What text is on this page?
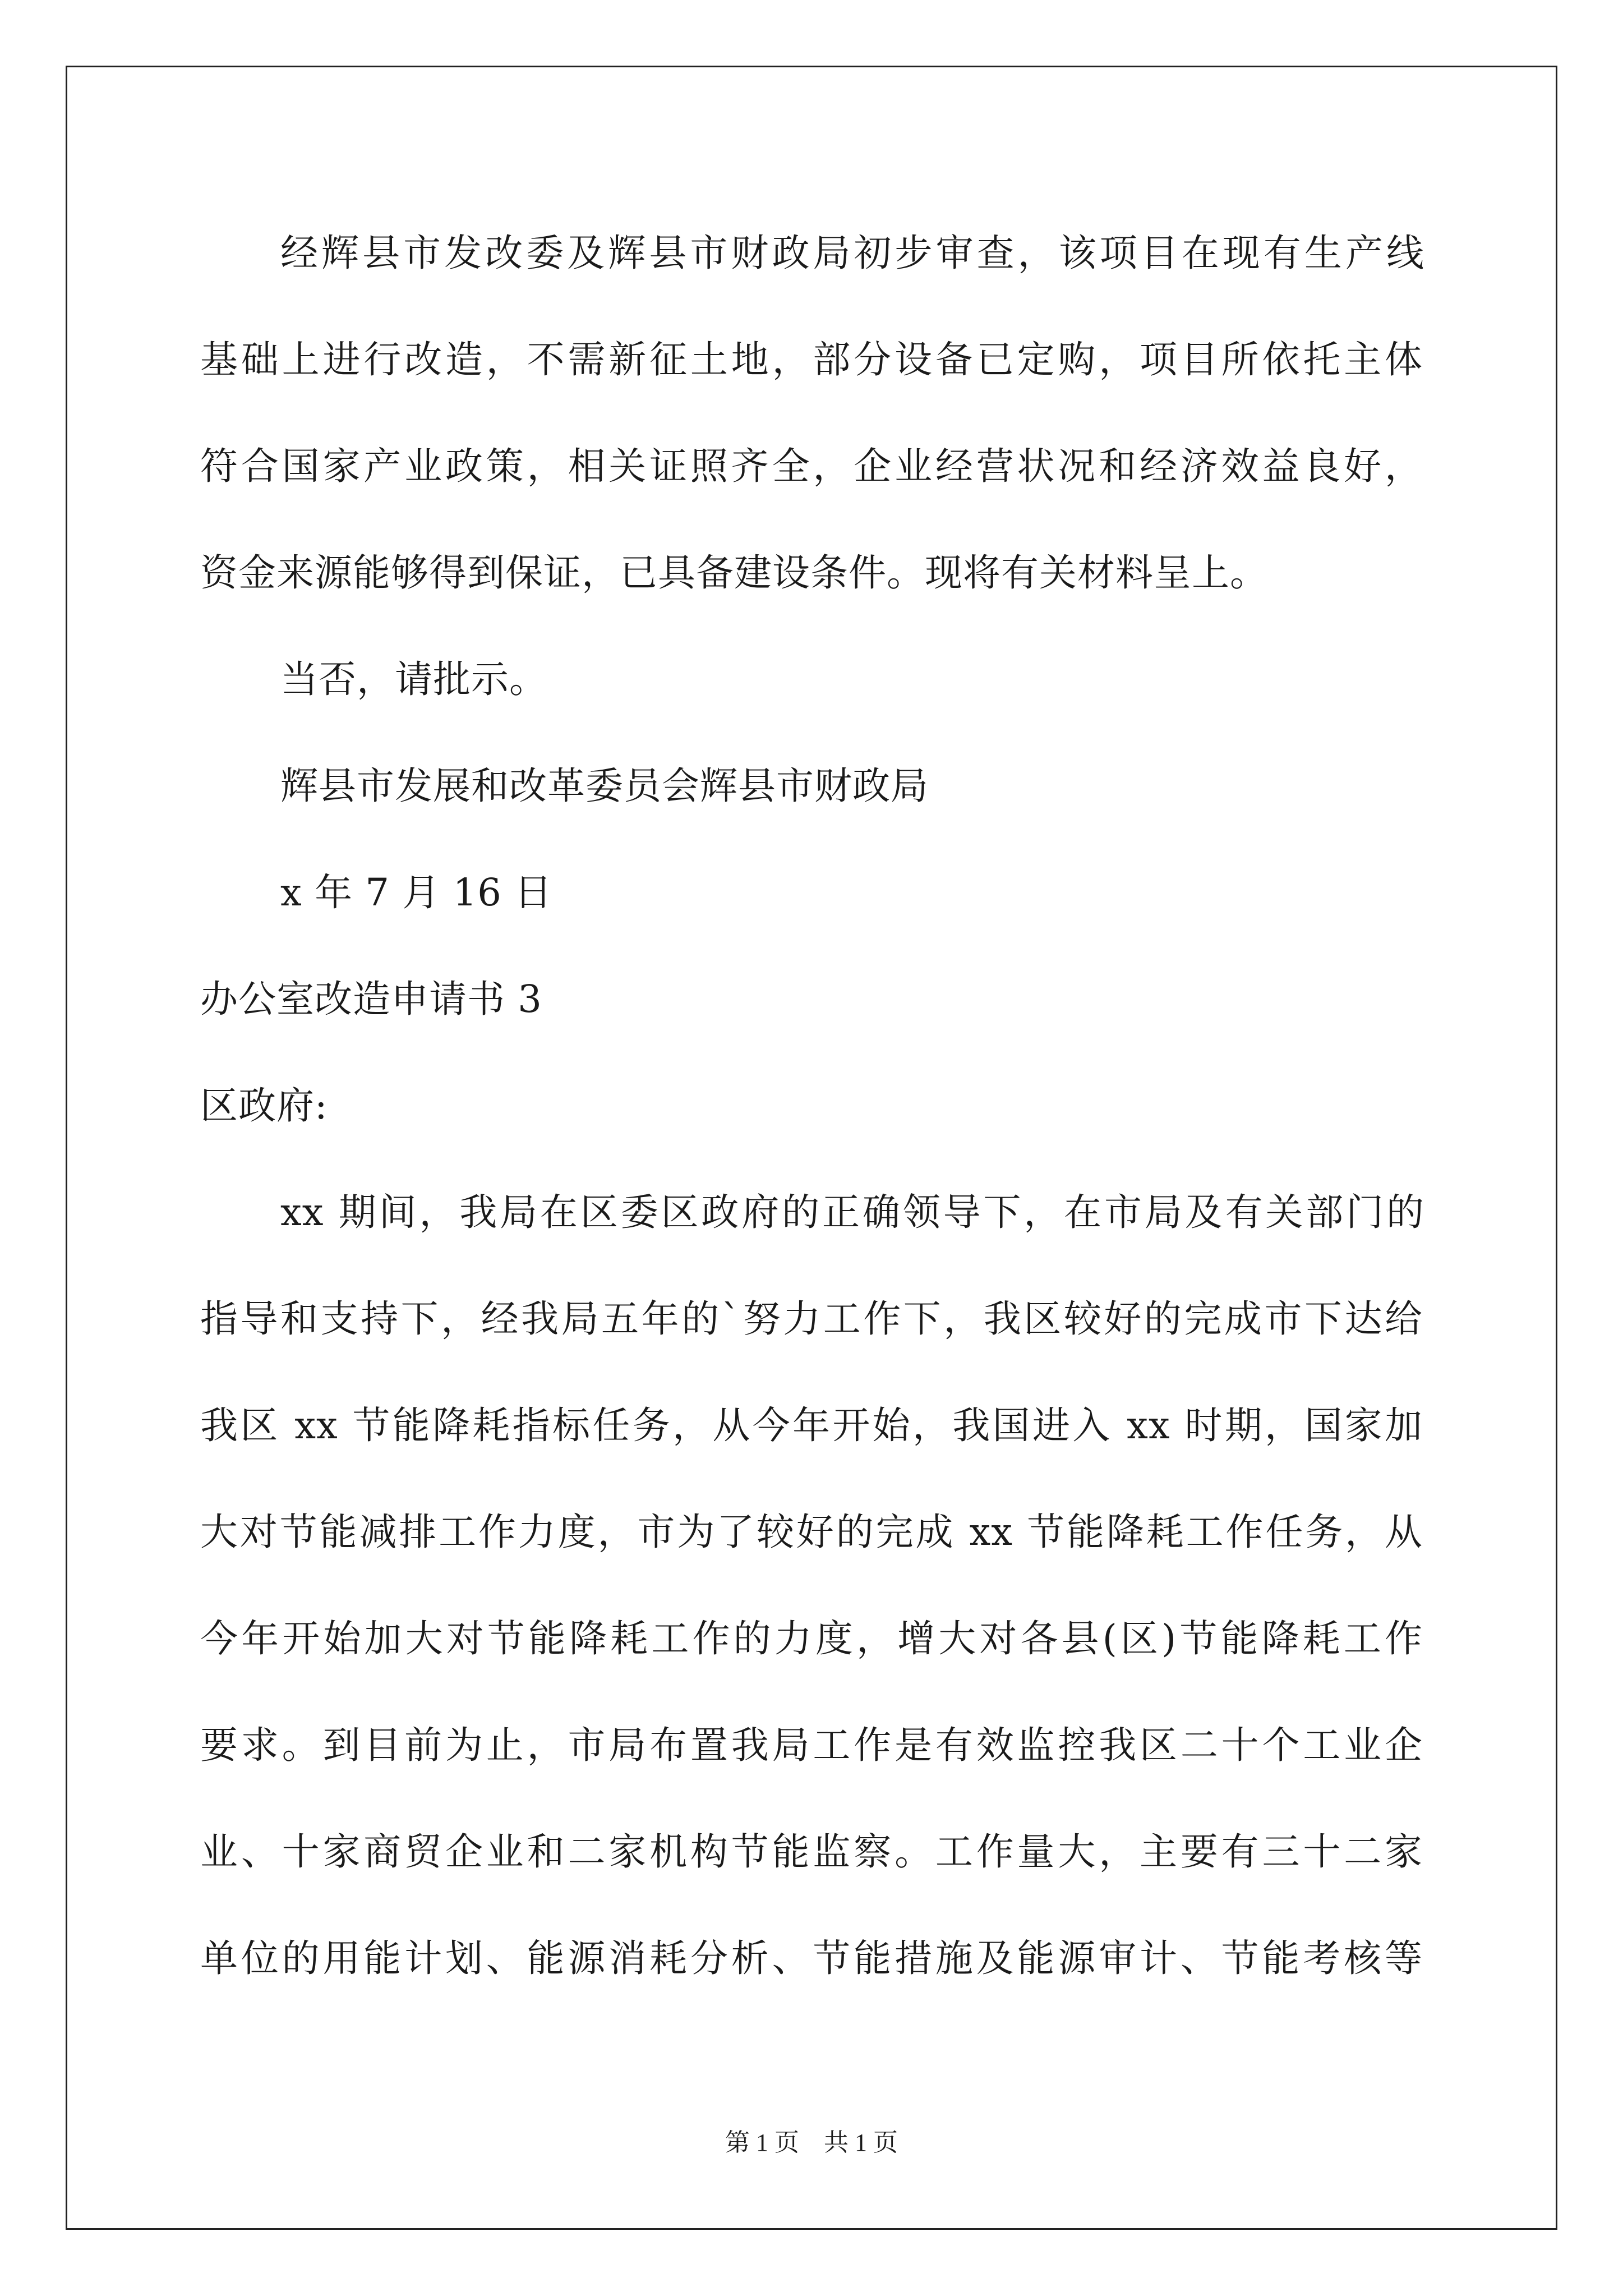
经辉县市发改委及辉县市财政局初步审查，该项目在现有生产线
基础上进行改造，不需新征土地，部分设备已定购，项目所依托主体
符合国家产业政策，相关证照齐全，企业经营状况和经济效益良好，
资金来源能够得到保证，已具备建设条件。现将有关材料呈上。
当否，请批示。
辉县市发展和改革委员会辉县市财政局
x 年 7 月 16 日
办公室改造申请书 3
区政府:
xx 期间，我局在区委区政府的正确领导下，在市局及有关部门的
指导和支持下，经我局五年的`努力工作下，我区较好的完成市下达给
我区 xx 节能降耗指标任务，从今年开始，我国进入 xx 时期，国家加
大对节能减排工作力度，市为了较好的完成 xx 节能降耗工作任务，从
今年开始加大对节能降耗工作的力度，增大对各县(区)节能降耗工作
要求。到目前为止，市局布置我局工作是有效监控我区二十个工业企
业、十家商贸企业和二家机构节能监察。工作量大，主要有三十二家
单位的用能计划、能源消耗分析、节能措施及能源审计、节能考核等
第 1 页　共 1 页
